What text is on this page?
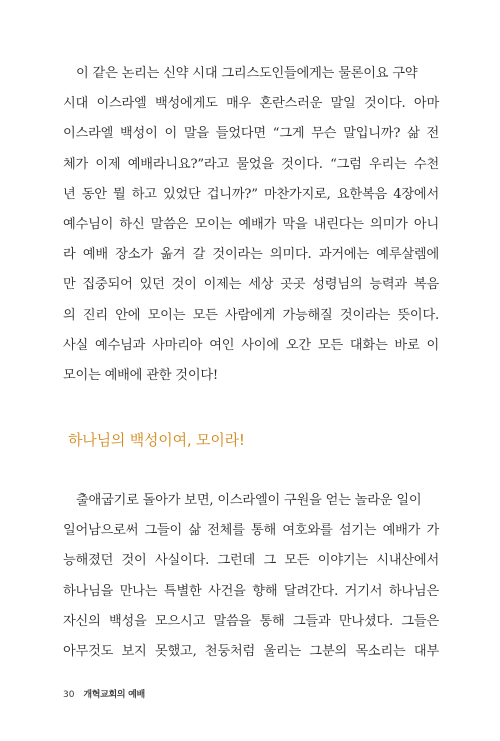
이 같은 논리는 신약 시대 그리스도인들에게는 물론이요 구약
시대 이스라엘 백성에게도 매우 혼란스러운 말일 것이다. 아마
이스라엘 백성이 이 말을 들었다면 “그게 무슨 말입니까? 삶 전
체가 이제 예배라니요?”라고 물었을 것이다. “그럼 우리는 수천
년 동안 뭘 하고 있었단 겁니까?” 마찬가지로, 요한복음 4장에서
예수님이 하신 말씀은 모이는 예배가 막을 내린다는 의미가 아니
라 예배 장소가 옮겨 갈 것이라는 의미다. 과거에는 예루살렘에
만 집중되어 있던 것이 이제는 세상 곳곳 성령님의 능력과 복음
의 진리 안에 모이는 모든 사람에게 가능해질 것이라는 뜻이다.
사실 예수님과 사마리아 여인 사이에 오간 모든 대화는 바로 이
모이는 예배에 관한 것이다!
하나님의 백성이여, 모이라!
출애굽기로 돌아가 보면, 이스라엘이 구원을 얻는 놀라운 일이
일어남으로써 그들이 삶 전체를 통해 여호와를 섬기는 예배가 가
능해졌던 것이 사실이다. 그런데 그 모든 이야기는 시내산에서
하나님을 만나는 특별한 사건을 향해 달려간다. 거기서 하나님은
자신의 백성을 모으시고 말씀을 통해 그들과 만나셨다. 그들은
아무것도 보지 못했고, 천둥처럼 울리는 그분의 목소리는 대부
30 개혁교회의 예배
